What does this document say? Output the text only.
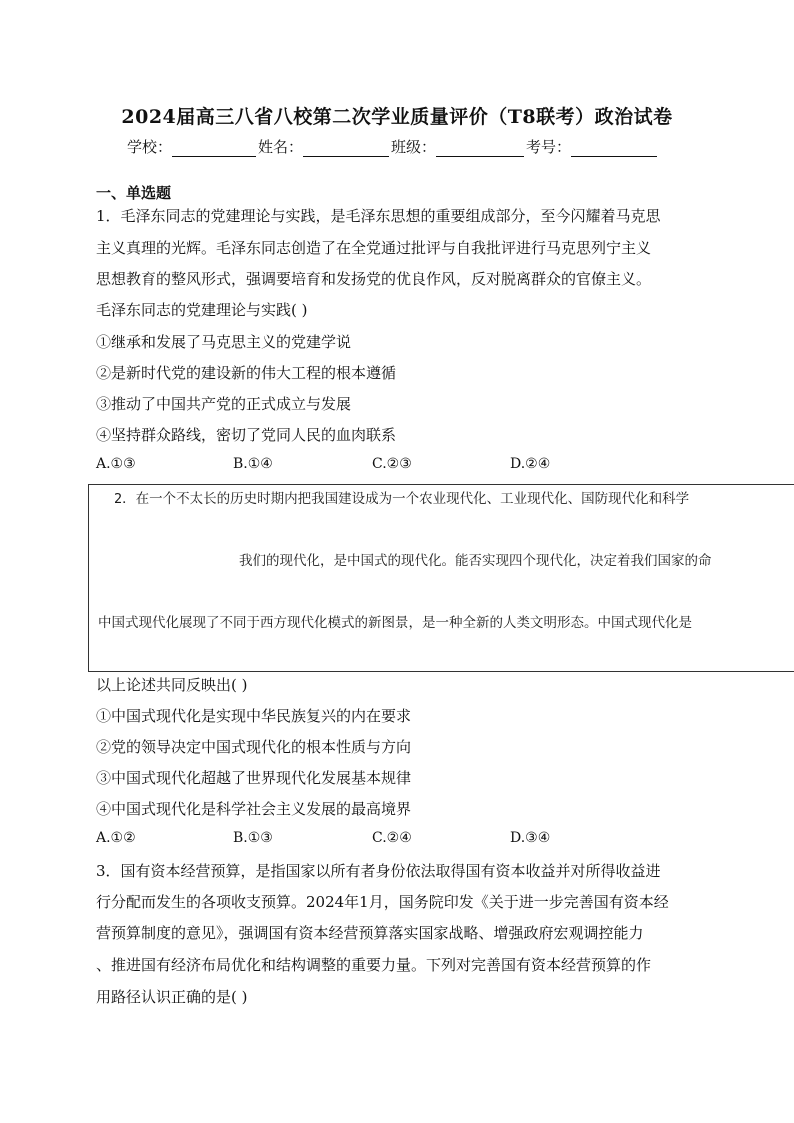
2024届高三八省八校第二次学业质量评价（T8联考）政治试卷
学校：	姓名：	班级：	考号：
一、单选题
1．毛泽东同志的党建理论与实践，是毛泽东思想的重要组成部分，至今闪耀着马克思
主义真理的光辉。毛泽东同志创造了在全党通过批评与自我批评进行马克思列宁主义
思想教育的整风形式，强调要培育和发扬党的优良作风，反对脱离群众的官僚主义。
毛泽东同志的党建理论与实践( )
①继承和发展了马克思主义的党建学说
②是新时代党的建设新的伟大工程的根本遵循
③推动了中国共产党的正式成立与发展
④坚持群众路线，密切了党同人民的血肉联系
A.①③	B.①④	C.②③	D.②④
2．在一个不太长的历史时期内把我国建设成为一个农业现代化、工业现代化、国防现代化和科学
我们的现代化，是中国式的现代化。能否实现四个现代化，决定着我们国家的命
中国式现代化展现了不同于西方现代化模式的新图景，是一种全新的人类文明形态。中国式现代化是
以上论述共同反映出( )
①中国式现代化是实现中华民族复兴的内在要求
②党的领导决定中国式现代化的根本性质与方向
③中国式现代化超越了世界现代化发展基本规律
④中国式现代化是科学社会主义发展的最高境界
A.①②	B.①③	C.②④	D.③④
3．国有资本经营预算，是指国家以所有者身份依法取得国有资本收益并对所得收益进
行分配而发生的各项收支预算。2024年1月，国务院印发《关于进一步完善国有资本经
营预算制度的意见》，强调国有资本经营预算落实国家战略、增强政府宏观调控能力
、推进国有经济布局优化和结构调整的重要力量。下列对完善国有资本经营预算的作
用路径认识正确的是( )
